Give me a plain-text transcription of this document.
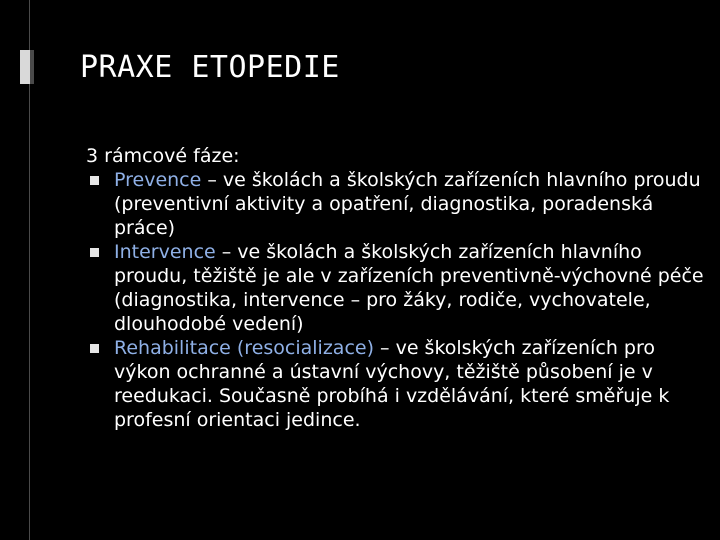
PRAXE ETOPEDIE

3 rámcové fáze:

Prevence – ve školách a školských zařízeních hlavního proudu (preventivní aktivity a opatření, diagnostika, poradenská práce)
Intervence – ve školách a školských zařízeních hlavního proudu, těžiště je ale v zařízeních preventivně-výchovné péče (diagnostika, intervence – pro žáky, rodiče, vychovatele, dlouhodobé vedení)
Rehabilitace (resocializace) – ve školských zařízeních pro výkon ochranné a ústavní výchovy, těžiště působení je v reedukaci. Současně probíhá i vzdělávání, které směřuje k profesní orientaci jedince.
